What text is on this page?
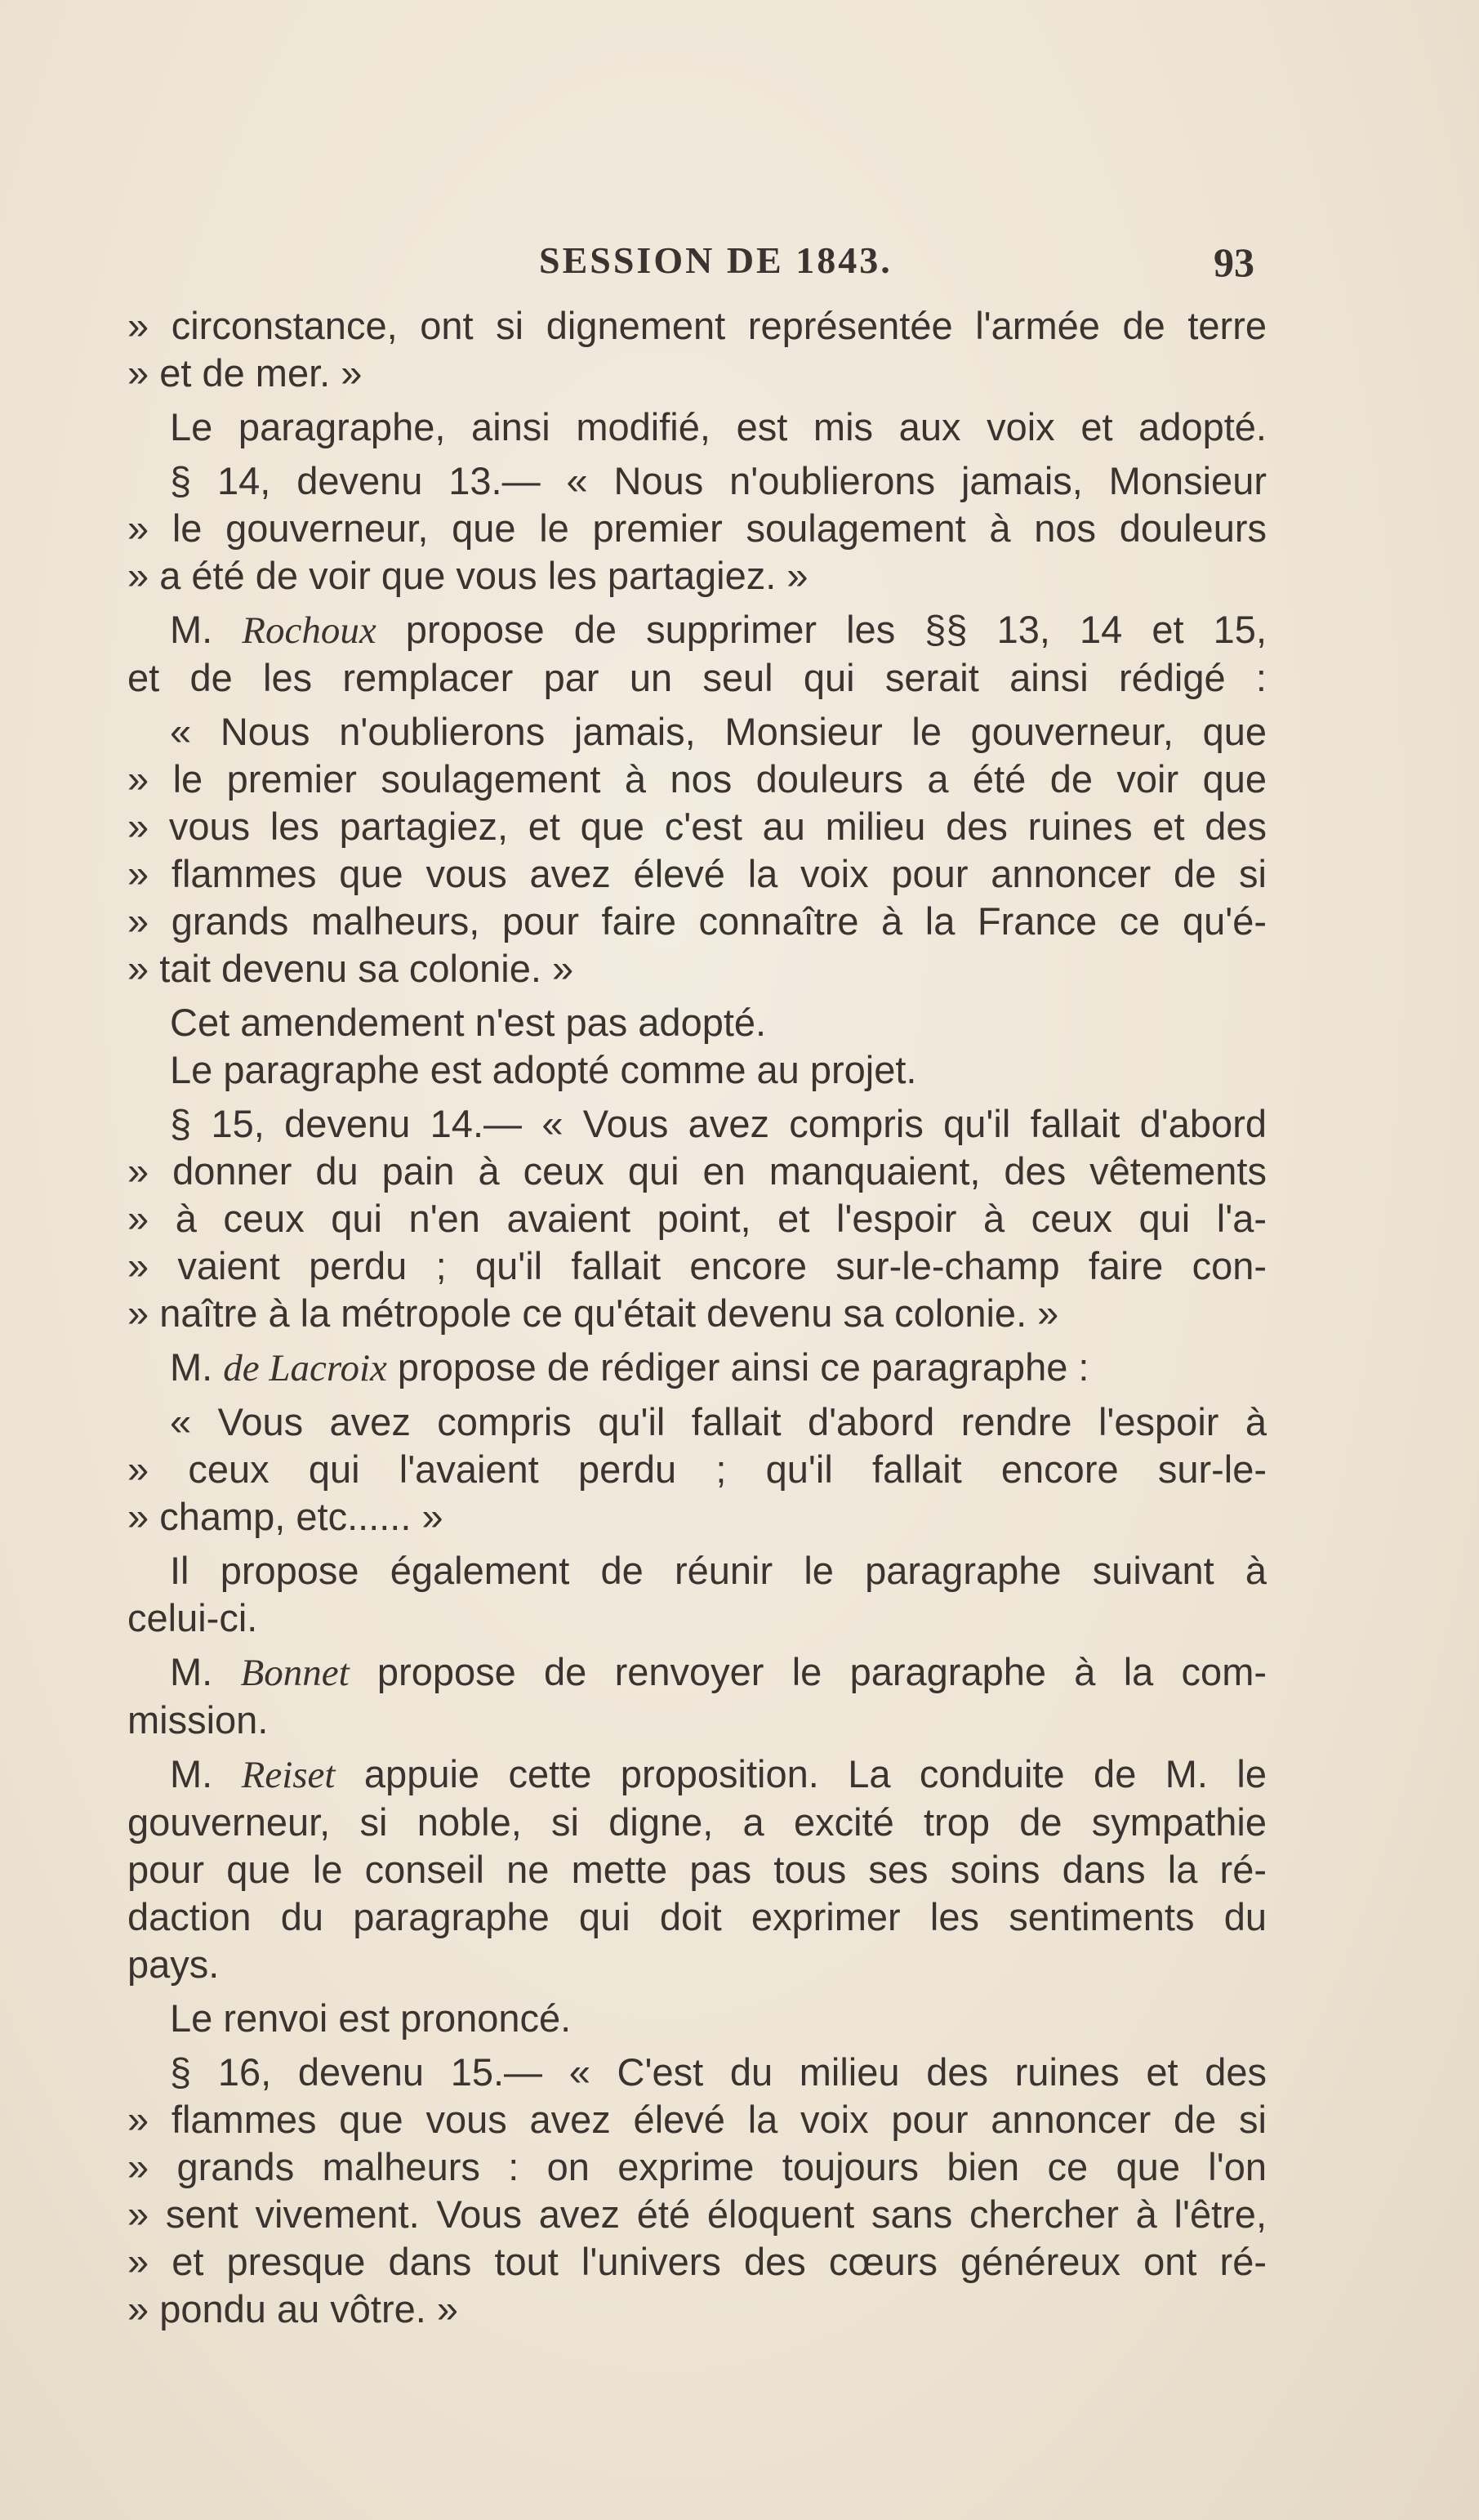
SESSION DE 1843.	93
» circonstance, ont si dignement représentée l'armée de terre
» et de mer. »
Le paragraphe, ainsi modifié, est mis aux voix et adopté.
§ 14, devenu 13.— « Nous n'oublierons jamais, Monsieur
» le gouverneur, que le premier soulagement à nos douleurs
» a été de voir que vous les partagiez. »
M. Rochoux propose de supprimer les §§ 13, 14 et 15,
et de les remplacer par un seul qui serait ainsi rédigé :
« Nous n'oublierons jamais, Monsieur le gouverneur, que
» le premier soulagement à nos douleurs a été de voir que
» vous les partagiez, et que c'est au milieu des ruines et des
» flammes que vous avez élevé la voix pour annoncer de si
» grands malheurs, pour faire connaître à la France ce qu'é-
» tait devenu sa colonie. »
Cet amendement n'est pas adopté.
Le paragraphe est adopté comme au projet.
§ 15, devenu 14.— « Vous avez compris qu'il fallait d'abord
» donner du pain à ceux qui en manquaient, des vêtements
» à ceux qui n'en avaient point, et l'espoir à ceux qui l'a-
» vaient perdu ; qu'il fallait encore sur-le-champ faire con-
» naître à la métropole ce qu'était devenu sa colonie. »
M. de Lacroix propose de rédiger ainsi ce paragraphe :
« Vous avez compris qu'il fallait d'abord rendre l'espoir à
» ceux qui l'avaient perdu ; qu'il fallait encore sur-le-
» champ, etc...... »
Il propose également de réunir le paragraphe suivant à
celui-ci.
M. Bonnet propose de renvoyer le paragraphe à la com-
mission.
M. Reiset appuie cette proposition. La conduite de M. le
gouverneur, si noble, si digne, a excité trop de sympathie
pour que le conseil ne mette pas tous ses soins dans la ré-
daction du paragraphe qui doit exprimer les sentiments du
pays.
Le renvoi est prononcé.
§ 16, devenu 15.— « C'est du milieu des ruines et des
» flammes que vous avez élevé la voix pour annoncer de si
» grands malheurs : on exprime toujours bien ce que l'on
» sent vivement. Vous avez été éloquent sans chercher à l'être,
» et presque dans tout l'univers des cœurs généreux ont ré-
» pondu au vôtre. »
